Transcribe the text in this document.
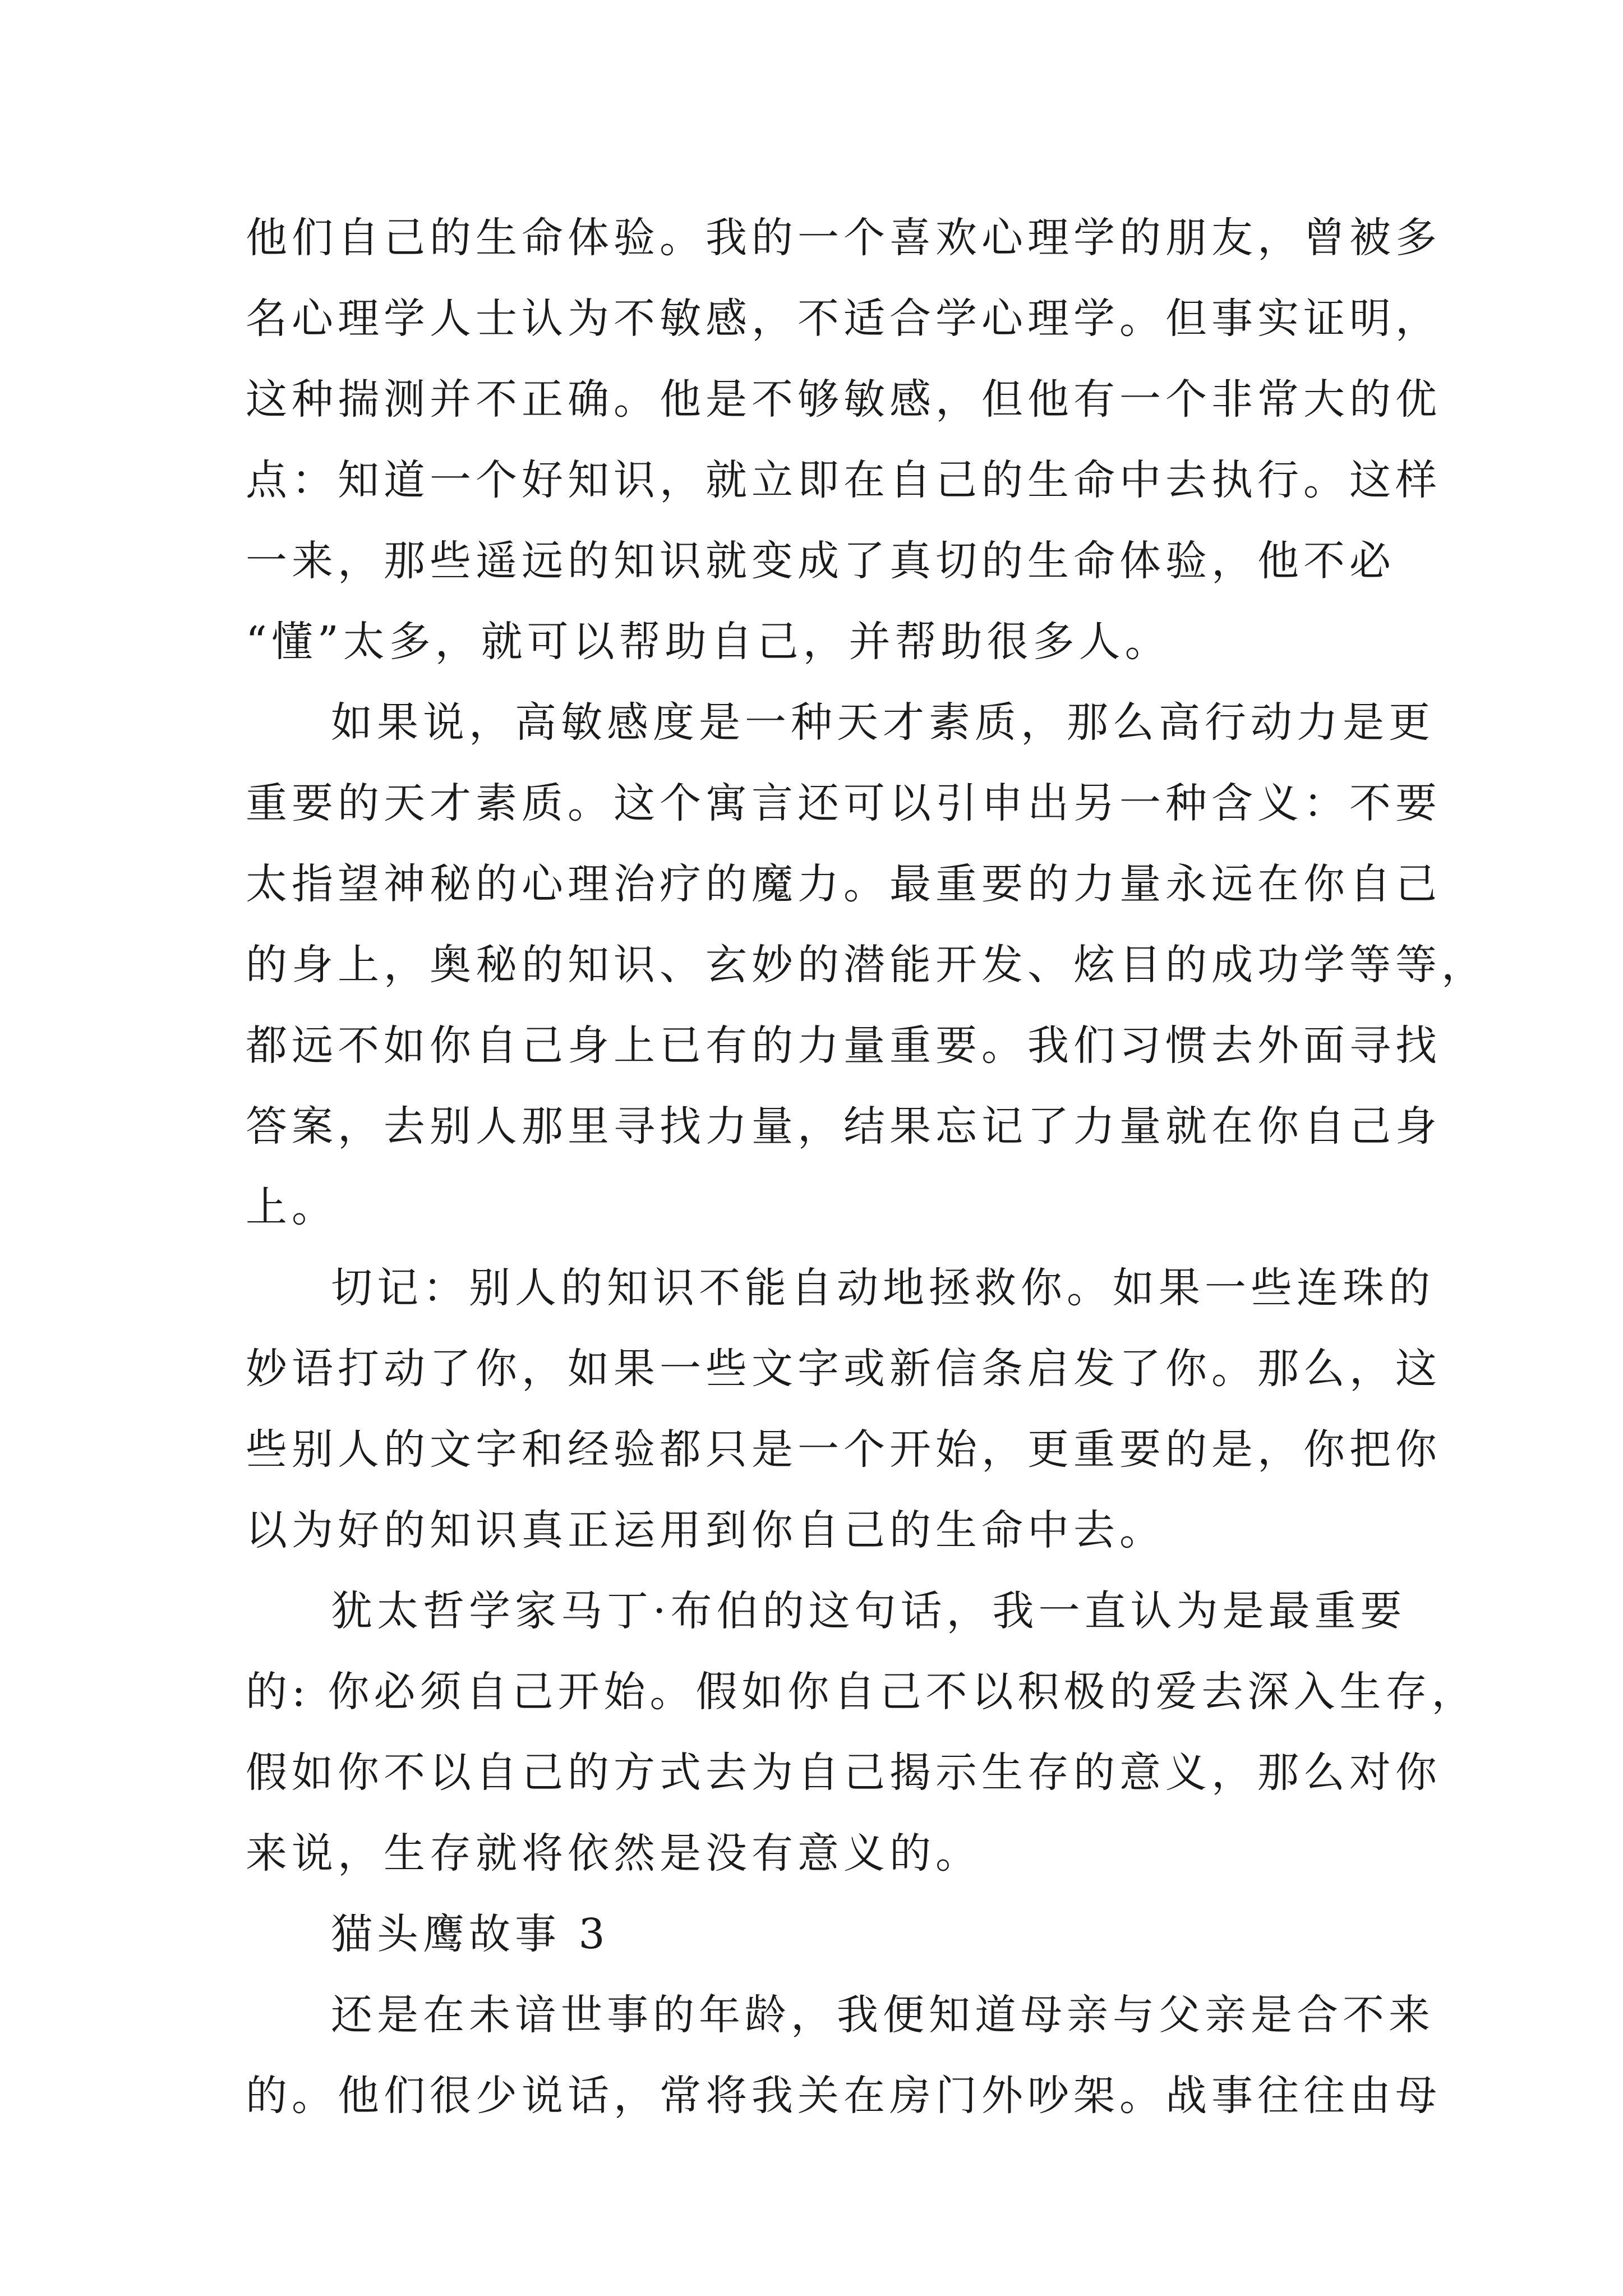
他们自己的生命体验。我的一个喜欢心理学的朋友，曾被多
名心理学人士认为不敏感，不适合学心理学。但事实证明，
这种揣测并不正确。他是不够敏感，但他有一个非常大的优
点：知道一个好知识，就立即在自己的生命中去执行。这样
一来，那些遥远的知识就变成了真切的生命体验，他不必
“懂”太多，就可以帮助自己，并帮助很多人。
如果说，高敏感度是一种天才素质，那么高行动力是更
重要的天才素质。这个寓言还可以引申出另一种含义：不要
太指望神秘的心理治疗的魔力。最重要的力量永远在你自己
的身上，奥秘的知识、玄妙的潜能开发、炫目的成功学等等，
都远不如你自己身上已有的力量重要。我们习惯去外面寻找
答案，去别人那里寻找力量，结果忘记了力量就在你自己身
上。
切记：别人的知识不能自动地拯救你。如果一些连珠的
妙语打动了你，如果一些文字或新信条启发了你。那么，这
些别人的文字和经验都只是一个开始，更重要的是，你把你
以为好的知识真正运用到你自己的生命中去。
犹太哲学家马丁·布伯的这句话，我一直认为是最重要
的: 你必须自己开始。假如你自己不以积极的爱去深入生存，
假如你不以自己的方式去为自己揭示生存的意义，那么对你
来说，生存就将依然是没有意义的。
猫头鹰故事 3
还是在未谙世事的年龄，我便知道母亲与父亲是合不来
的。他们很少说话，常将我关在房门外吵架。战事往往由母
